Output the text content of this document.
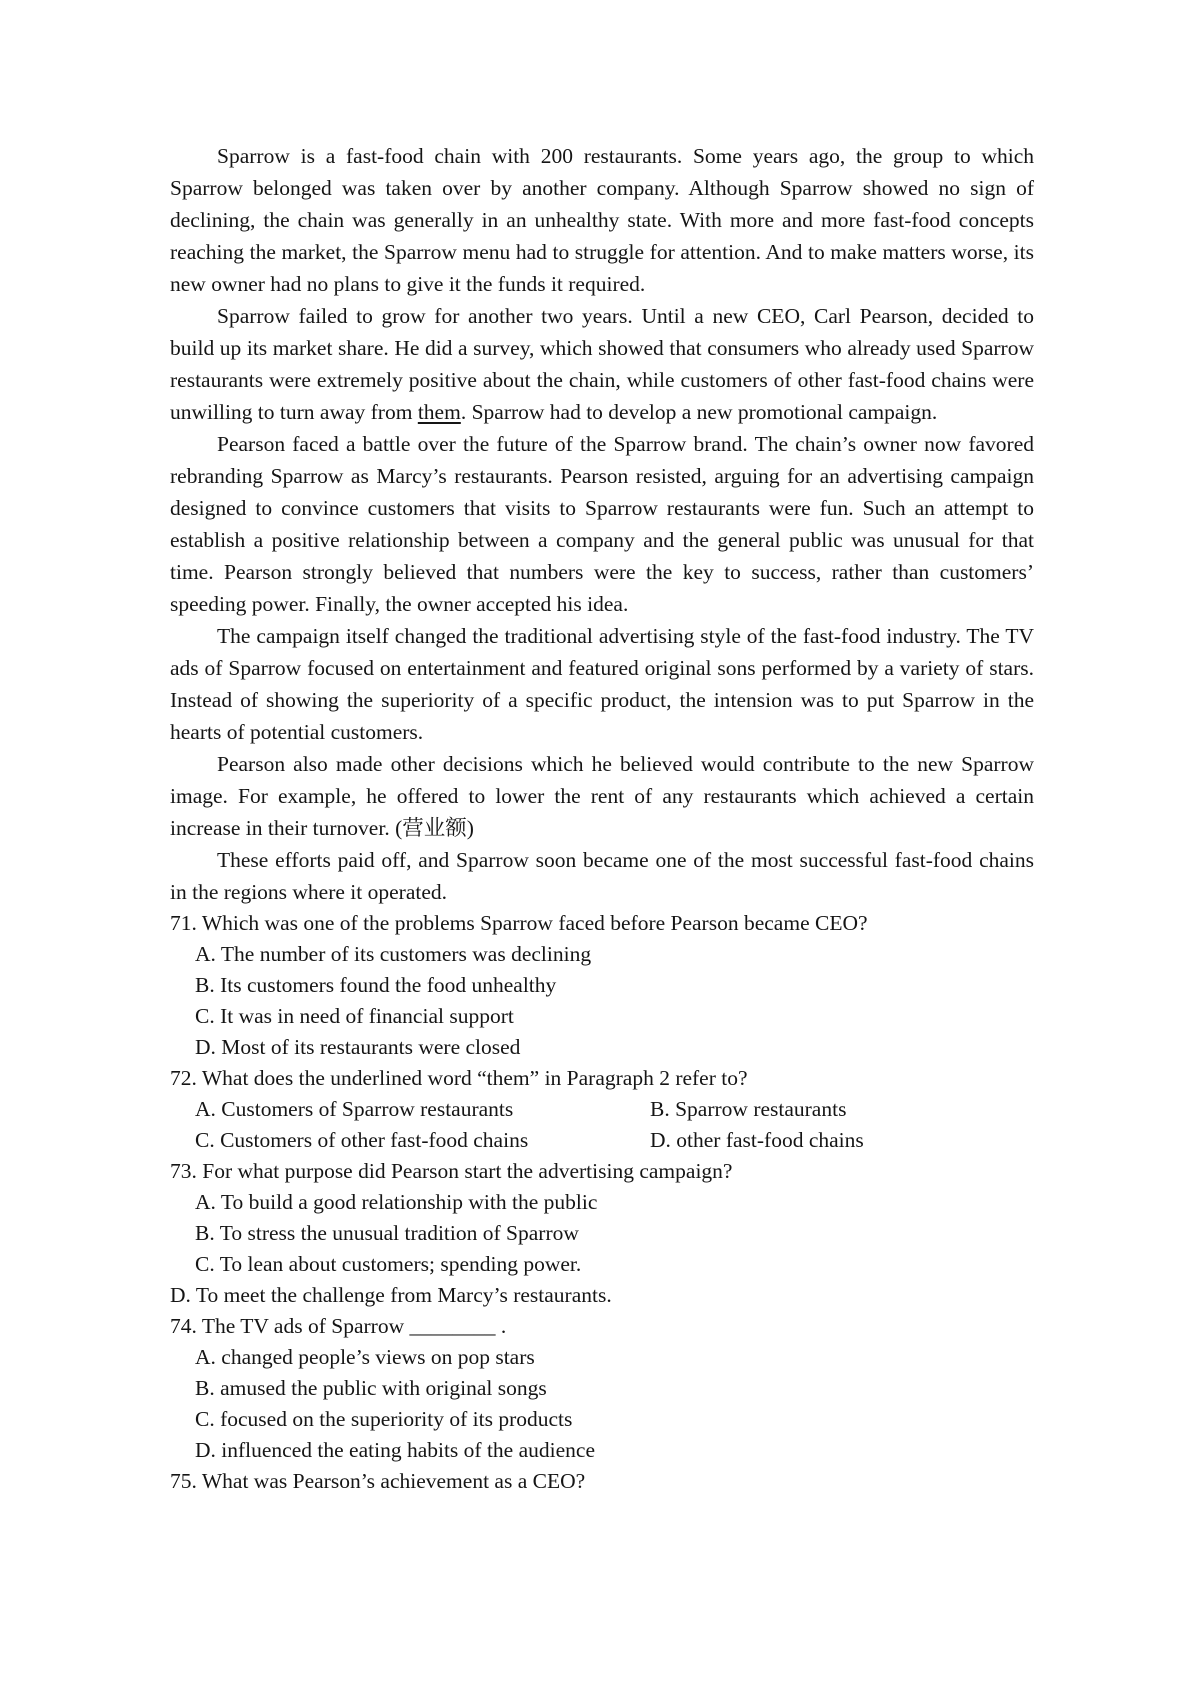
Sparrow is a fast-food chain with 200 restaurants. Some years ago, the group to which Sparrow belonged was taken over by another company. Although Sparrow showed no sign of declining, the chain was generally in an unhealthy state. With more and more fast-food concepts reaching the market, the Sparrow menu had to struggle for attention. And to make matters worse, its new owner had no plans to give it the funds it required.

Sparrow failed to grow for another two years. Until a new CEO, Carl Pearson, decided to build up its market share. He did a survey, which showed that consumers who already used Sparrow restaurants were extremely positive about the chain, while customers of other fast-food chains were unwilling to turn away from them. Sparrow had to develop a new promotional campaign.

Pearson faced a battle over the future of the Sparrow brand. The chain’s owner now favored rebranding Sparrow as Marcy’s restaurants. Pearson resisted, arguing for an advertising campaign designed to convince customers that visits to Sparrow restaurants were fun. Such an attempt to establish a positive relationship between a company and the general public was unusual for that time. Pearson strongly believed that numbers were the key to success, rather than customers’ speeding power. Finally, the owner accepted his idea.

The campaign itself changed the traditional advertising style of the fast-food industry. The TV ads of Sparrow focused on entertainment and featured original sons performed by a variety of stars. Instead of showing the superiority of a specific product, the intension was to put Sparrow in the hearts of potential customers.

Pearson also made other decisions which he believed would contribute to the new Sparrow image. For example, he offered to lower the rent of any restaurants which achieved a certain increase in their turnover. (营业额)

These efforts paid off, and Sparrow soon became one of the most successful fast-food chains in the regions where it operated.

71. Which was one of the problems Sparrow faced before Pearson became CEO?
A. The number of its customers was declining
B. Its customers found the food unhealthy
C. It was in need of financial support
D. Most of its restaurants were closed
72. What does the underlined word “them” in Paragraph 2 refer to?
A. Customers of Sparrow restaurants	B. Sparrow restaurants
C. Customers of other fast-food chains	D. other fast-food chains
73. For what purpose did Pearson start the advertising campaign?
A. To build a good relationship with the public
B. To stress the unusual tradition of Sparrow
C. To lean about customers; spending power.
D. To meet the challenge from Marcy’s restaurants.
74. The TV ads of Sparrow ________ .
A. changed people’s views on pop stars
B. amused the public with original songs
C. focused on the superiority of its products
D. influenced the eating habits of the audience
75. What was Pearson’s achievement as a CEO?
